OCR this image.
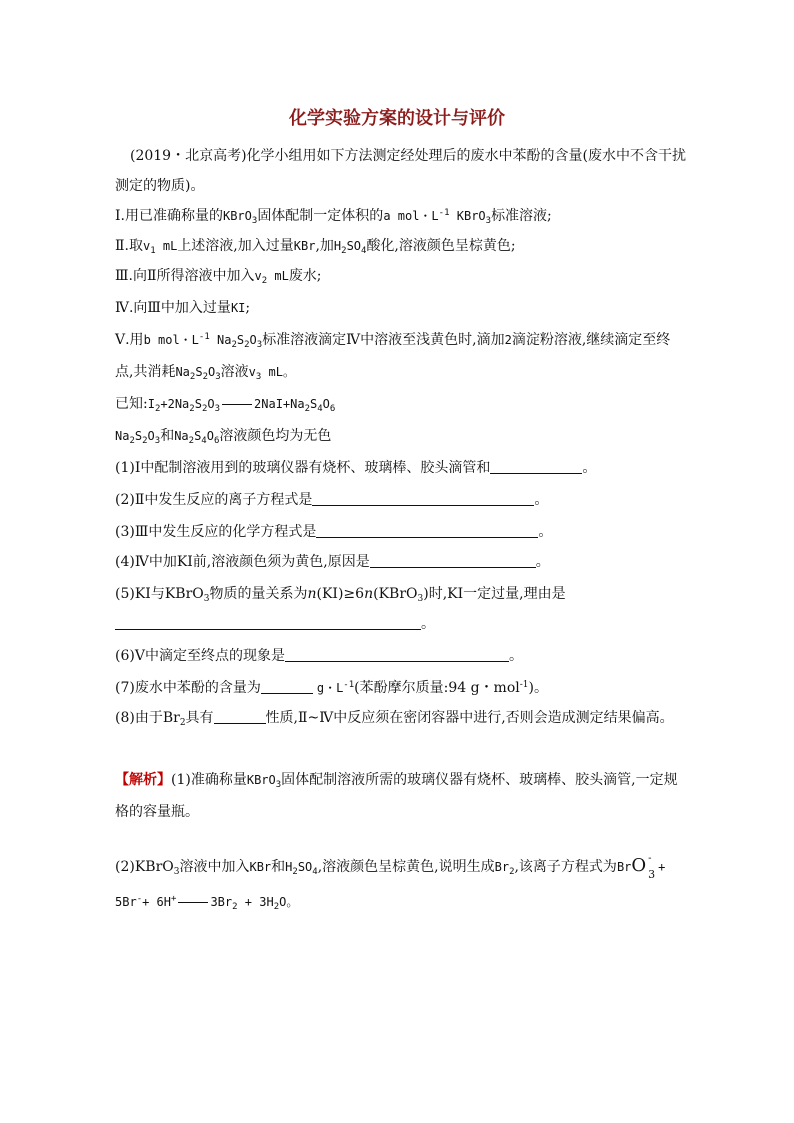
化学实验方案的设计与评价
(2019・北京高考)化学小组用如下方法测定经处理后的废水中苯酚的含量(废水中不含干扰
测定的物质)。
Ⅰ.用已准确称量的KBrO$_3$固体配制一定体积的a mol・$L^{-1}$ KBrO$_3$标准溶液;
Ⅱ.取$v_1$ mL上述溶液,加入过量KBr,加$H_2SO_4$酸化,溶液颜色呈棕黄色;
Ⅲ.向Ⅱ所得溶液中加入$v_2$ mL废水;
Ⅳ.向Ⅲ中加入过量KI;
Ⅴ.用b mol・$L^{-1}$ $Na_2S_2O_3$标准溶液滴定Ⅳ中溶液至浅黄色时,滴加2滴淀粉溶液,继续滴定至终
点,共消耗$Na_2S_2O_3$溶液$v_3$ mL。
已知$:I_2+2Na_2S_2O_3$	$2NaI+Na_2S_4O_6$
$Na_2S_2O_3$和$Na_2S_4O_6$溶液颜色均为无色
(1)Ⅰ中配制溶液用到的玻璃仪器有烧杯、玻璃棒、胶头滴管和	。
(2)Ⅱ中发生反应的离子方程式是	。
(3)Ⅲ中发生反应的化学方程式是	。
(4)Ⅳ中加KI前,溶液颜色须为黄色,原因是	。
(5)KI与KBrO$_3$物质的量关系为n(KI)≥6n(KBrO$_3$)时,KI一定过量,理由是
。
(6)Ⅴ中滴定至终点的现象是	。
(7)废水中苯酚的含量为	g・$L^{-1}$(苯酚摩尔质量:94 g・mol$^{-1}$)。
(8)由于$Br_2$具有	性质,Ⅱ~Ⅳ中反应须在密闭容器中进行,否则会造成测定结果偏高。
【解析】(1)准确称量KBrO$_3$固体配制溶液所需的玻璃仪器有烧杯、玻璃棒、胶头滴管,一定规
格的容量瓶。
(2)KBrO$_3$溶液中加入KBr和$H_2SO_4$,溶液颜色呈棕黄色,说明生成$Br_2$,该离子方程式为BrO -
3
+
5Br-+ 6H+	$3Br_2 + 3H_2O$。
